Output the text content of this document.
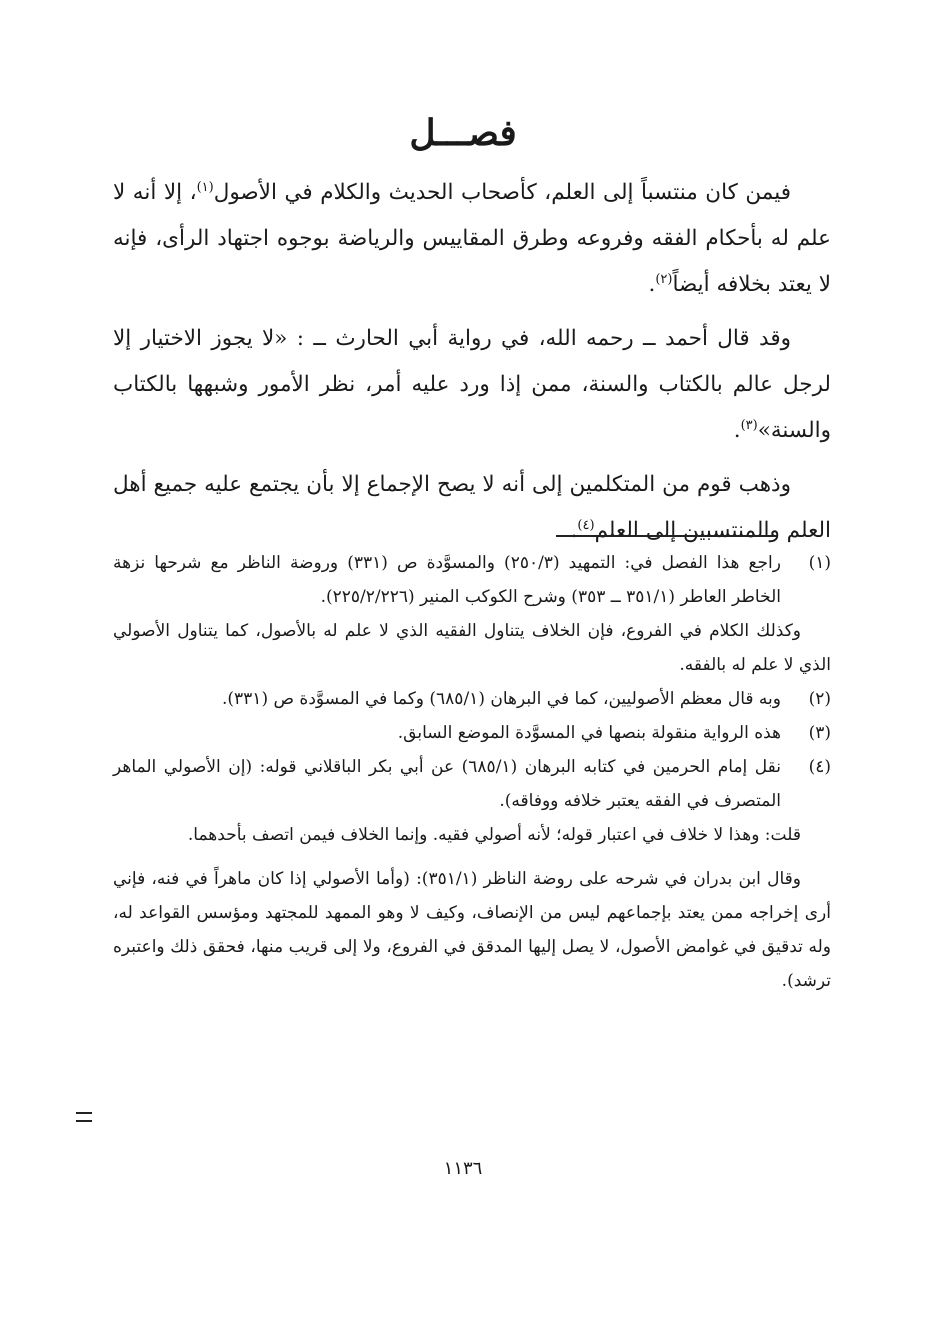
فصـــل

فيمن كان منتسباً إلى العلم، كأصحاب الحديث والكلام في الأصول$^{(١)}$، إلا أنه لا علم له بأحكام الفقه وفروعه وطرق المقاييس والرياضة بوجوه اجتهاد الرأى، فإنه لا يعتد بخلافه أيضاً$^{(٢)}$.

وقد قال أحمد ــ رحمه الله، في رواية أبي الحارث ــ : «لا يجوز الاختيار إلا لرجل عالم بالكتاب والسنة، ممن إذا ورد عليه أمر، نظر الأمور وشبهها بالكتاب والسنة»$^{(٣)}$.

وذهب قوم من المتكلمين إلى أنه لا يصح الإجماع إلا بأن يجتمع عليه جميع أهل العلم والمنتسبين إلى العلم$^{(٤)}$.

(١)
راجع هذا الفصل في: التمهيد (٢٥٠/٣) والمسوَّدة ص (٣٣١) وروضة الناظر مع شرحها نزهة الخاطر العاطر (٣٥١/١ ــ ٣٥٣) وشرح الكوكب المنير (٢٢٥/٢/٢٢٦).
وكذلك الكلام في الفروع، فإن الخلاف يتناول الفقيه الذي لا علم له بالأصول، كما يتناول الأصولي الذي لا علم له بالفقه.
(٢)
وبه قال معظم الأصوليين، كما في البرهان (٦٨٥/١) وكما في المسوَّدة ص (٣٣١).
(٣)
هذه الرواية منقولة بنصها في المسوَّدة الموضع السابق.
(٤)
نقل إمام الحرمين في كتابه البرهان (٦٨٥/١) عن أبي بكر الباقلاني قوله: (إن الأصولي الماهر المتصرف في الفقه يعتبر خلافه ووفاقه).
قلت: وهذا لا خلاف في اعتبار قوله؛ لأنه أصولي فقيه. وإنما الخلاف فيمن اتصف بأحدهما.
وقال ابن بدران في شرحه على روضة الناظر (٣٥١/١): (وأما الأصولي إذا كان ماهراً في فنه، فإني أرى إخراجه ممن يعتد بإجماعهم ليس من الإنصاف، وكيف لا وهو الممهد للمجتهد ومؤسس القواعد له، وله تدقيق في غوامض الأصول، لا يصل إليها المدقق في الفروع، ولا إلى قريب منها، فحقق ذلك واعتبره ترشد).
١١٣٦
